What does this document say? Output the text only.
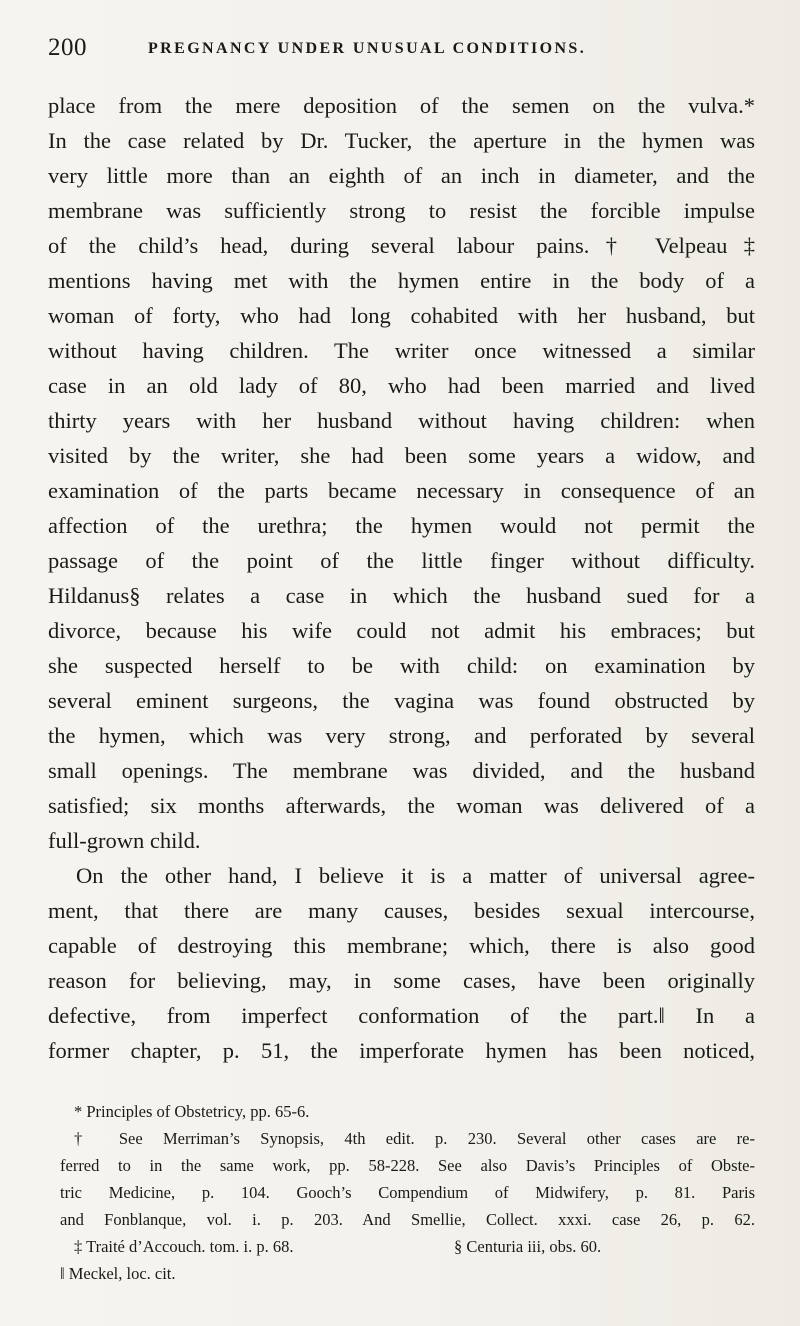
200	PREGNANCY UNDER UNUSUAL CONDITIONS.
place from the mere deposition of the semen on the vulva.*
In the case related by Dr. Tucker, the aperture in the hymen was
very little more than an eighth of an inch in diameter, and the
membrane was sufficiently strong to resist the forcible impulse
of the child’s head, during several labour pains.† Velpeau‡
mentions having met with the hymen entire in the body of a
woman of forty, who had long cohabited with her husband, but
without having children. The writer once witnessed a similar
case in an old lady of 80, who had been married and lived
thirty years with her husband without having children: when
visited by the writer, she had been some years a widow, and
examination of the parts became necessary in consequence of an
affection of the urethra; the hymen would not permit the
passage of the point of the little finger without difficulty.
Hildanus§ relates a case in which the husband sued for a
divorce, because his wife could not admit his embraces; but
she suspected herself to be with child: on examination by
several eminent surgeons, the vagina was found obstructed by
the hymen, which was very strong, and perforated by several
small openings. The membrane was divided, and the husband
satisfied; six months afterwards, the woman was delivered of a
full-grown child.
On the other hand, I believe it is a matter of universal agree-
ment, that there are many causes, besides sexual intercourse,
capable of destroying this membrane; which, there is also good
reason for believing, may, in some cases, have been originally
defective, from imperfect conformation of the part.‖ In a
former chapter, p. 51, the imperforate hymen has been noticed,
* Principles of Obstetricy, pp. 65-6.
† See Merriman’s Synopsis, 4th edit. p. 230. Several other cases are re-
ferred to in the same work, pp. 58-228. See also Davis’s Principles of Obste-
tric Medicine, p. 104. Gooch’s Compendium of Midwifery, p. 81. Paris
and Fonblanque, vol. i. p. 203. And Smellie, Collect. xxxi. case 26, p. 62.
‡ Traité d’Accouch. tom. i. p. 68.	§ Centuria iii, obs. 60.
‖ Meckel, loc. cit.
